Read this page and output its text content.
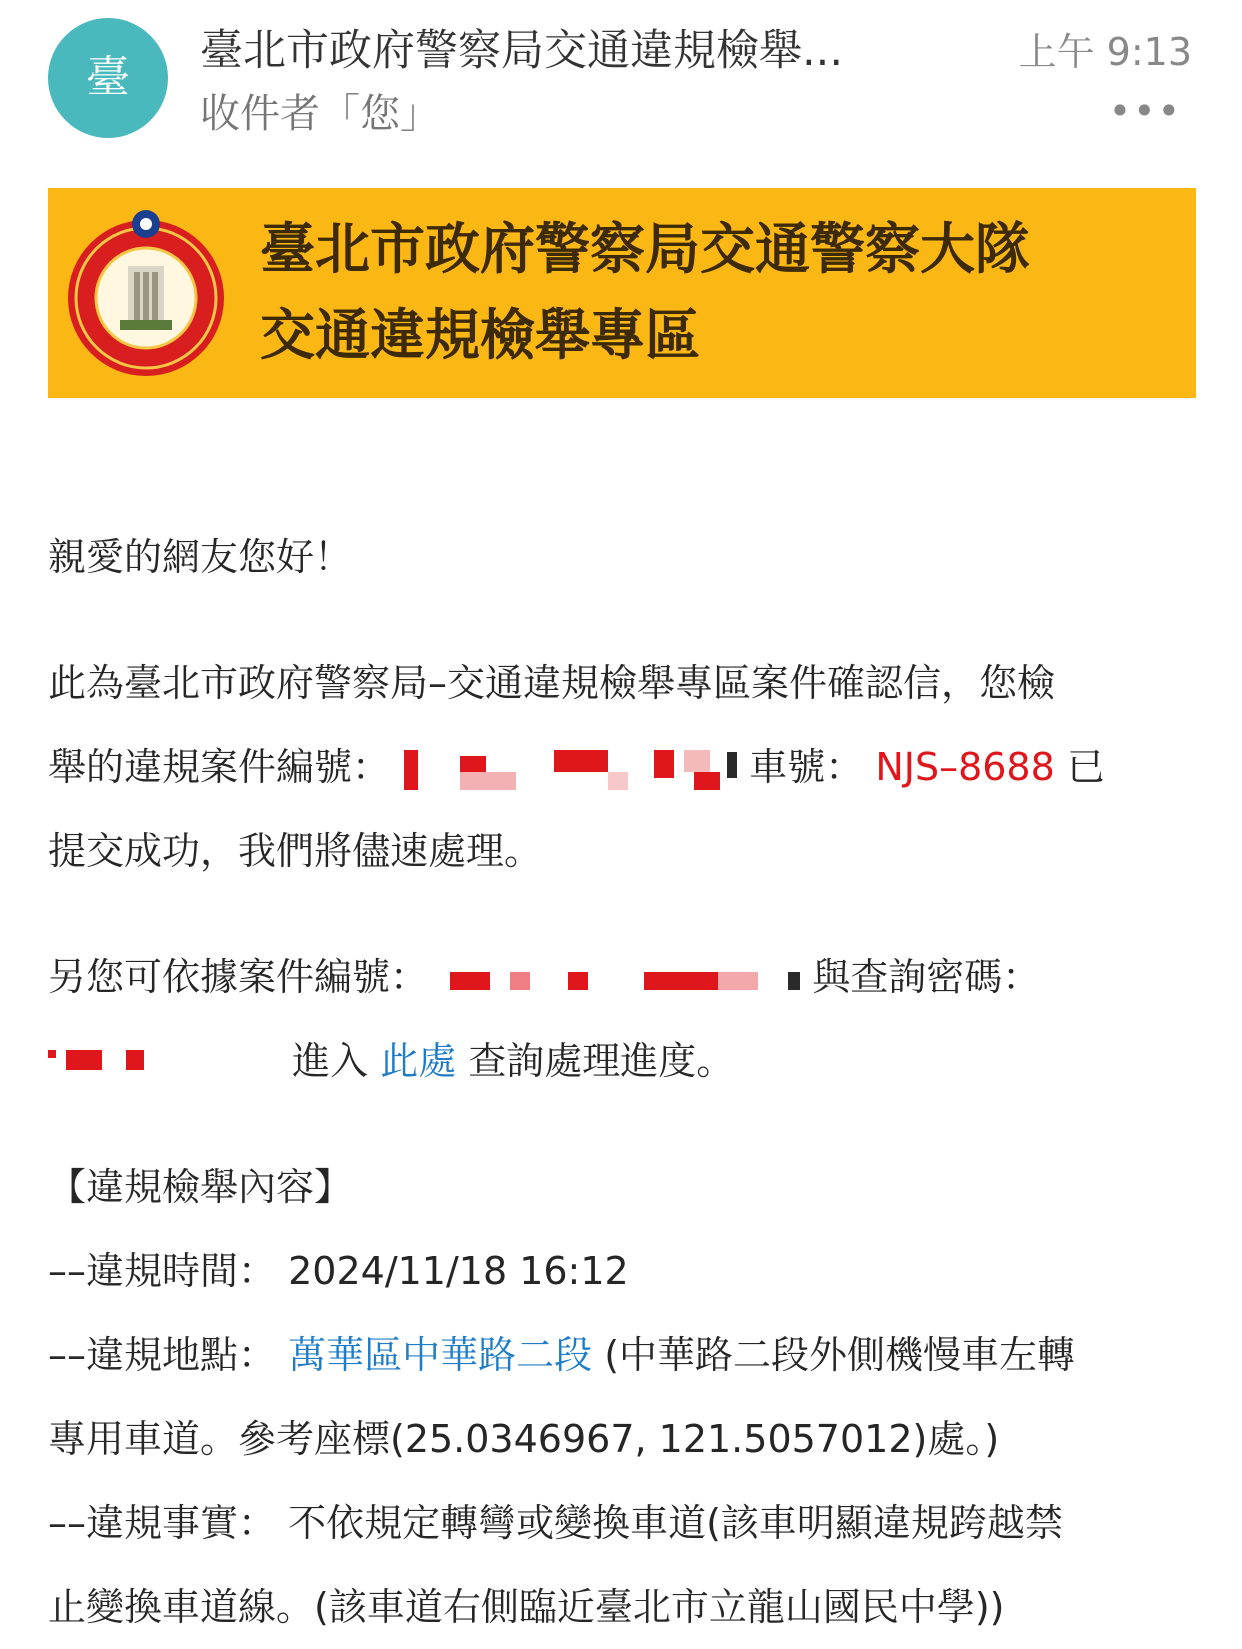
臺
臺北市政府警察局交通違規檢舉...
收件者「您」
上午 9:13
•••
臺北市政府警察局交通警察大隊
交通違規檢舉專區
親愛的網友您好！
此為臺北市政府警察局–交通違規檢舉專區案件確認信，您檢
舉的違規案件編號：	車號： NJS–8688 已
提交成功，我們將儘速處理。
另您可依據案件編號：	與查詢密碼：
進入 此處 查詢處理進度。
【違規檢舉內容】
––違規時間： 2024/11/18 16:12
––違規地點： 萬華區中華路二段 (中華路二段外側機慢車左轉
專用車道。參考座標(25.0346967, 121.5057012)處。)
––違規事實： 不依規定轉彎或變換車道(該車明顯違規跨越禁
止變換車道線。(該車道右側臨近臺北市立龍山國民中學))
